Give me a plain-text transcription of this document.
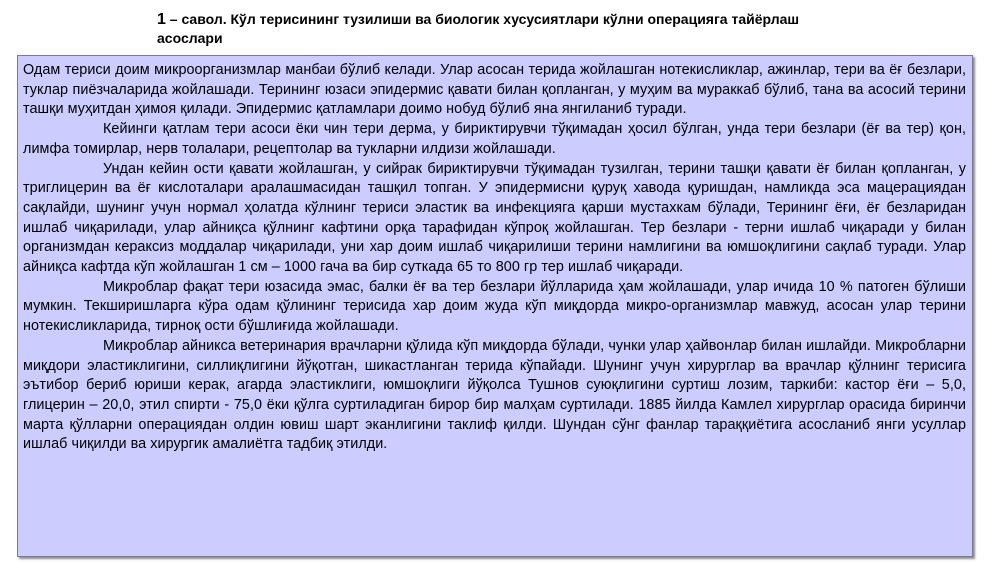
1 – савол. Кўл терисининг тузилиши ва биологик хусусиятлари кўлни операцияга тайёрлаш асослари

Одам териси доим микроорганизмлар манбаи бўлиб келади. Улар асосан терида жойлашган нотекисликлар, ажинлар, тери ва ёғ безлари, туклар пиёзчаларида жойлашади. Терининг юзаси эпидермис қавати билан қопланган, у муҳим ва мураккаб бўлиб, тана ва асосий терини ташқи муҳитдан ҳимоя қилади. Эпидермис қатламлари доимо нобуд бўлиб яна янгиланиб туради.

Кейинги қатлам тери асоси ёки чин тери дерма, у бириктирувчи тўқимадан ҳосил бўлган, унда тери безлари (ёғ ва тер) қон, лимфа томирлар, нерв толалари, рецептолар ва тукларни илдизи жойлашади.

Ундан кейин ости қавати жойлашган, у сийрак бириктирувчи тўқимадан тузилган, терини ташқи қавати ёғ билан қопланган, у триглицерин ва ёғ кислоталари аралашмасидан ташқил топган. У эпидермисни қуруқ хавода қуришдан, намликда эса мацерациядан сақлайди, шунинг учун нормал ҳолатда кўлнинг териси эластик ва инфекцияга қарши мустахкам бўлади, Терининг ёғи, ёғ безларидан ишлаб чиқарилади, улар айниқса қўлнинг кафтини орқа тарафидан кўпроқ жойлашган. Тер безлари - терни ишлаб чиқаради у билан организмдан кераксиз моддалар чиқарилади, уни хар доим ишлаб чиқарилиши терини намлигини ва юмшоқлигини сақлаб туради. Улар айниқса кафтда кўп жойлашган 1 см – 1000 гача ва бир суткада 65 то 800 гр тер ишлаб чиқаради.

Микроблар фақат тери юзасида эмас, балки ёғ ва тер безлари йўлларида ҳам жойлашади, улар ичида 10 % патоген бўлиши мумкин. Текширишларга кўра одам қўлининг терисида хар доим жуда кўп миқдорда микро-организмлар мавжуд, асосан улар терини нотекисликларида, тирноқ ости бўшлиғида жойлашади.

Микроблар айникса ветеринария врачларни қўлида кўп миқдорда бўлади, чунки улар ҳайвонлар билан ишлайди. Микробларни миқдори эластиклигини, силлиқлигини йўқотган, шикастланган терида кўпайади. Шунинг учун хирурглар ва врачлар қўлнинг терисига эътибор бериб юриши керак, агарда эластиклиги, юмшоқлиги йўқолса Тушнов суюқлигини суртиш лозим, таркиби: кастор ёғи – 5,0, глицерин – 20,0, этил спирти - 75,0 ёки қўлга суртиладиган бирор бир малҳам суртилади. 1885 йилда Камлел хирурглар орасида биринчи марта қўлларни операциядан олдин ювиш шарт эканлигини таклиф қилди. Шундан сўнг фанлар тараққиётига асосланиб янги усуллар ишлаб чиқилди ва хирургик амалиётга тадбиқ этилди.
